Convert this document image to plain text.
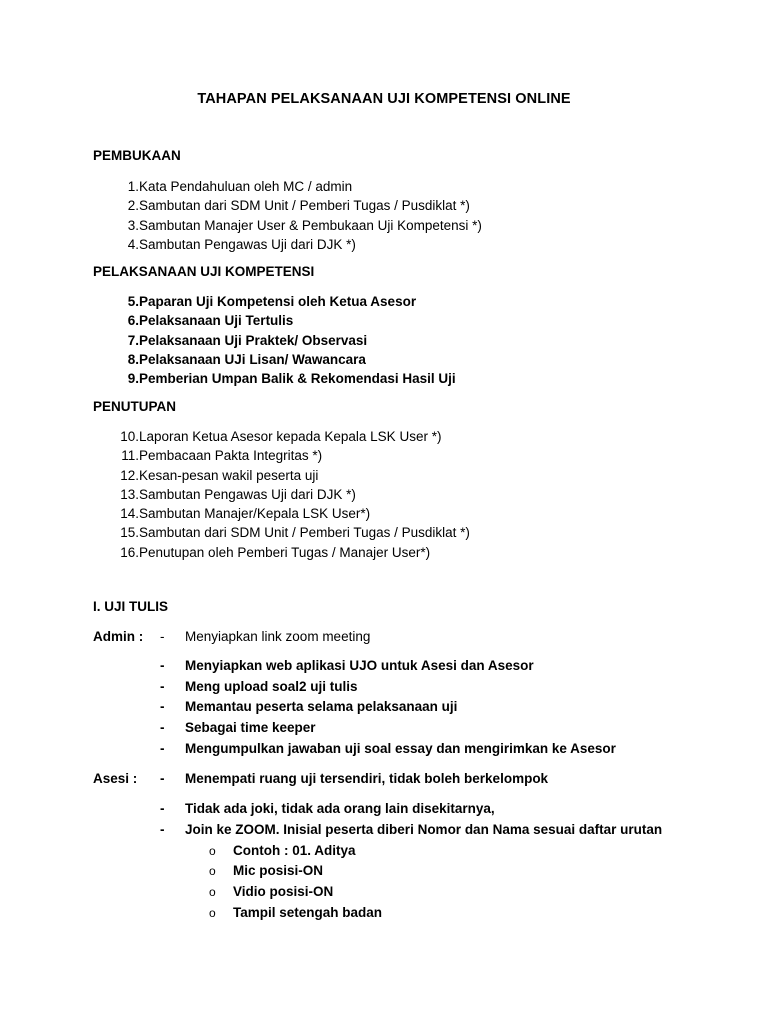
TAHAPAN PELAKSANAAN UJI KOMPETENSI ONLINE
PEMBUKAAN
1. Kata Pendahuluan oleh MC / admin
2. Sambutan dari SDM Unit / Pemberi Tugas / Pusdiklat *)
3. Sambutan Manajer User & Pembukaan Uji Kompetensi *)
4. Sambutan Pengawas Uji dari DJK *)
PELAKSANAAN UJI KOMPETENSI
5. Paparan Uji Kompetensi oleh Ketua Asesor
6. Pelaksanaan Uji Tertulis
7. Pelaksanaan Uji Praktek/ Observasi
8. Pelaksanaan UJi Lisan/ Wawancara
9. Pemberian Umpan Balik & Rekomendasi Hasil Uji
PENUTUPAN
10. Laporan Ketua Asesor kepada Kepala LSK User *)
11. Pembacaan Pakta Integritas *)
12. Kesan-pesan wakil peserta uji
13. Sambutan Pengawas Uji dari DJK *)
14. Sambutan Manajer/Kepala LSK User*)
15. Sambutan dari SDM Unit / Pemberi Tugas / Pusdiklat *)
16. Penutupan oleh Pemberi Tugas / Manajer User*)
I. UJI TULIS
Admin : - Menyiapkan link zoom meeting
- Menyiapkan web aplikasi UJO untuk Asesi dan Asesor
- Meng upload soal2 uji tulis
- Memantau peserta selama pelaksanaan uji
- Sebagai time keeper
- Mengumpulkan jawaban uji soal essay dan mengirimkan ke Asesor
Asesi : - Menempati ruang uji tersendiri, tidak boleh berkelompok
- Tidak ada joki, tidak ada orang lain disekitarnya,
- Join ke ZOOM. Inisial peserta diberi Nomor dan Nama sesuai daftar urutan
o Contoh : 01. Aditya
o Mic posisi-ON
o Vidio posisi-ON
o Tampil setengah badan
